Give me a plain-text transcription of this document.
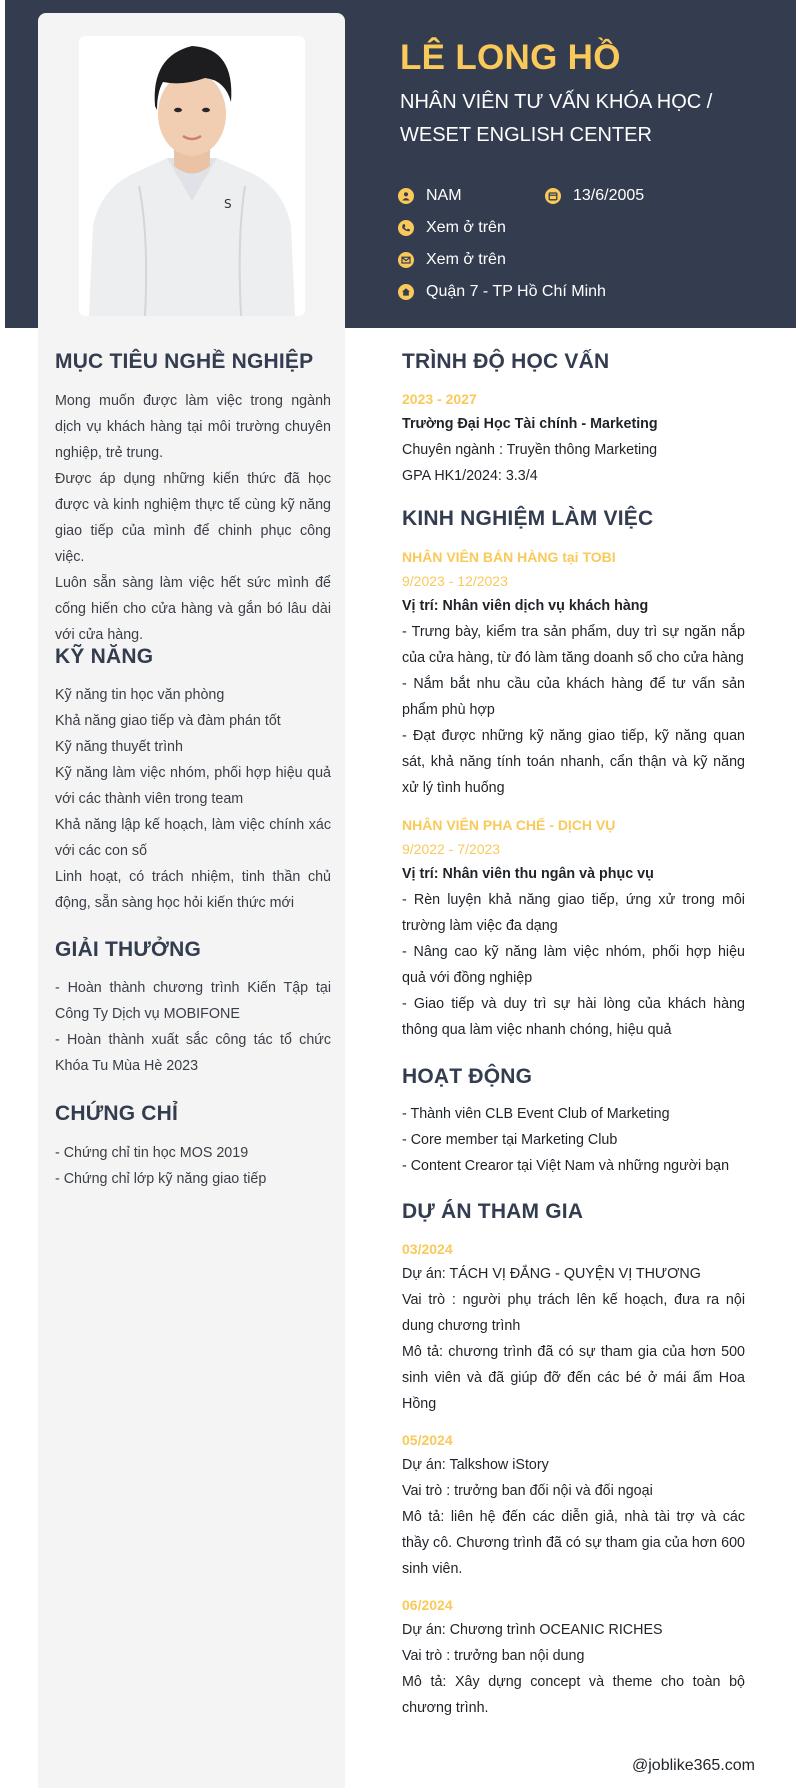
S
LÊ LONG HỒ
NHÂN VIÊN TƯ VẤN KHÓA HỌC /
WESET ENGLISH CENTER
NAM	13/6/2005
Xem ở trên
Xem ở trên
Quận 7 - TP Hồ Chí Minh
MỤC TIÊU NGHỀ NGHIỆP

Mong muốn được làm việc trong ngành dịch vụ khách hàng tại môi trường chuyên nghiệp, trẻ trung.

Được áp dụng những kiến thức đã học được và kinh nghiệm thực tế cùng kỹ năng giao tiếp của mình để chinh phục công việc.

Luôn sẵn sàng làm việc hết sức mình để cống hiến cho cửa hàng và gắn bó lâu dài với cửa hàng.

KỸ NĂNG

Kỹ năng tin học văn phòng

Khả năng giao tiếp và đàm phán tốt

Kỹ năng thuyết trình

Kỹ năng làm việc nhóm, phối hợp hiệu quả với các thành viên trong team

Khả năng lập kế hoạch, làm việc chính xác với các con số

Linh hoạt, có trách nhiệm, tinh thần chủ động, sẵn sàng học hỏi kiến thức mới

GIẢI THƯỞNG

- Hoàn thành chương trình Kiến Tập tại Công Ty Dịch vụ MOBIFONE

- Hoàn thành xuất sắc công tác tổ chức Khóa Tu Mùa Hè 2023

CHỨNG CHỈ

- Chứng chỉ tin học MOS 2019

- Chứng chỉ lớp kỹ năng giao tiếp

TRÌNH ĐỘ HỌC VẤN
2023 - 2027
Trường Đại Học Tài chính - Marketing
Chuyên ngành : Truyền thông Marketing
GPA HK1/2024: 3.3/4
KINH NGHIỆM LÀM VIỆC
NHÂN VIÊN BÁN HÀNG tại TOBI
9/2023 - 12/2023
Vị trí: Nhân viên dịch vụ khách hàng
- Trưng bày, kiểm tra sản phẩm, duy trì sự ngăn nắp của cửa hàng, từ đó làm tăng doanh số cho cửa hàng
- Nắm bắt nhu cầu của khách hàng để tư vấn sản phẩm phù hợp
- Đạt được những kỹ năng giao tiếp, kỹ năng quan sát, khả năng tính toán nhanh, cẩn thận và kỹ năng xử lý tình huống
NHÂN VIÊN PHA CHẾ - DỊCH VỤ
9/2022 - 7/2023
Vị trí: Nhân viên thu ngân và phục vụ
- Rèn luyện khả năng giao tiếp, ứng xử trong môi trường làm việc đa dạng
- Nâng cao kỹ năng làm việc nhóm, phối hợp hiệu quả với đồng nghiệp
- Giao tiếp và duy trì sự hài lòng của khách hàng thông qua làm việc nhanh chóng, hiệu quả
HOẠT ĐỘNG
- Thành viên CLB Event Club of Marketing
- Core member tại Marketing Club
- Content Crearor tại Việt Nam và những người bạn
DỰ ÁN THAM GIA
03/2024
Dự án: TÁCH VỊ ĐẮNG - QUYỆN VỊ THƯƠNG
Vai trò : người phụ trách lên kế hoạch, đưa ra nội dung chương trình
Mô tả: chương trình đã có sự tham gia của hơn 500 sinh viên và đã giúp đỡ đến các bé ở mái ấm Hoa Hồng
05/2024
Dự án: Talkshow iStory
Vai trò : trưởng ban đối nội và đối ngoại
Mô tả: liên hệ đến các diễn giả, nhà tài trợ và các thầy cô. Chương trình đã có sự tham gia của hơn 600 sinh viên.
06/2024
Dự án: Chương trình OCEANIC RICHES
Vai trò : trưởng ban nội dung
Mô tả: Xây dựng concept và theme cho toàn bộ chương trình.
@joblike365.com
